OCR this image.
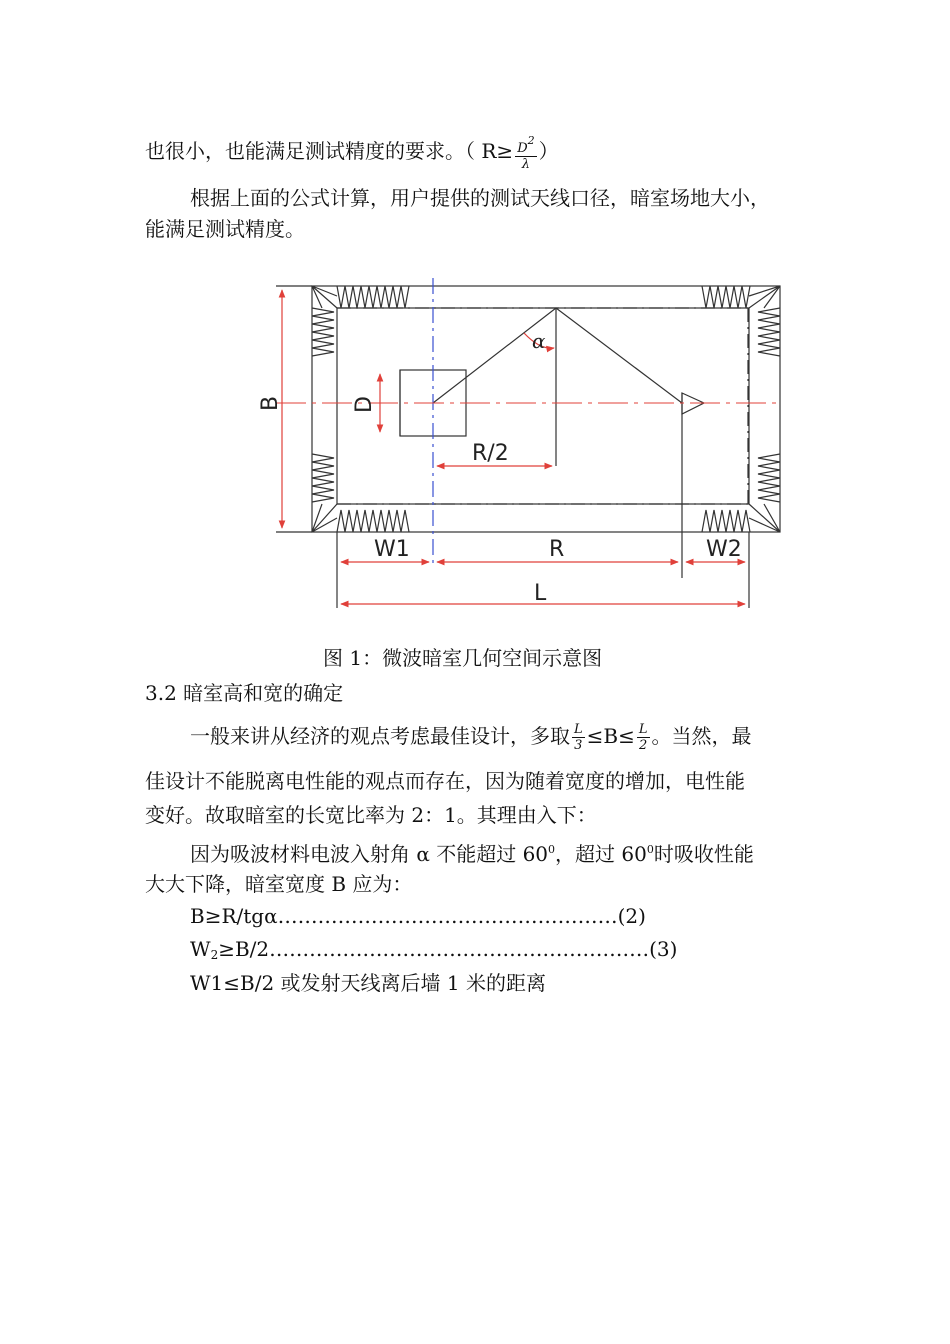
也很小，也能满足测试精度的要求。（ $R\ge \frac{D^2}{\lambda}$ ）
根据上面的公式计算，用户提供的测试天线口径，暗室场地大小，
能满足测试精度。
B	D
α
R/2
W1	R	W2
L
图 1：微波暗室几何空间示意图
3.2 暗室高和宽的确定
一般来讲从经济的观点考虑最佳设计，多取 $\frac{L}{3} \le B\le \frac{L}{2}$ 。当然，最
佳设计不能脱离电性能的观点而存在，因为随着宽度的增加，电性能
变好。故取暗室的长宽比率为 2：1。其理由入下：
因为吸波材料电波入射角 α 不能超过 $60^0$，超过 $60^0$时吸收性能
大大下降，暗室宽度 B 应为：
B≥R/tgα……………………………………………(2)
$W_2\ge B/2\dots\dots\dots\dots\dots\dots\dots\dots\dots\dots\dots\dots\dots\dots\dots\dots\dots\dots\dots(3)$
W1≤B/2 或发射天线离后墙 1 米的距离
